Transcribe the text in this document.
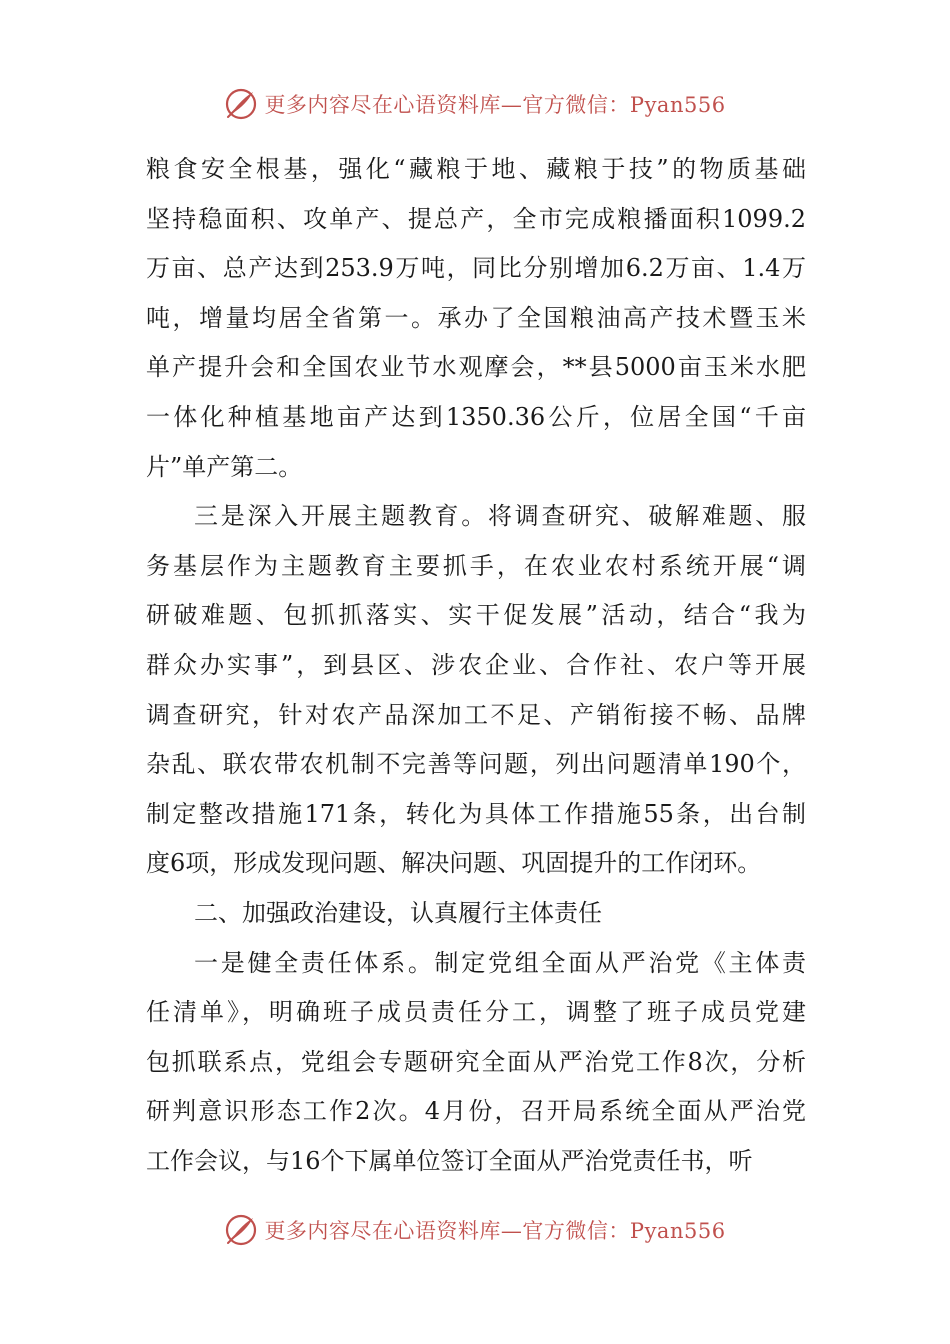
更多内容尽在心语资料库—官方微信：Pyan556
粮食安全根基，强化“藏粮于地、藏粮于技”的物质基础
坚持稳面积、攻单产、提总产，全市完成粮播面积1099.2
万亩、总产达到253.9万吨，同比分别增加6.2万亩、1.4万
吨，增量均居全省第一。承办了全国粮油高产技术暨玉米
单产提升会和全国农业节水观摩会，**县5000亩玉米水肥
一体化种植基地亩产达到1350.36公斤，位居全国“千亩
片”单产第二。
三是深入开展主题教育。将调查研究、破解难题、服
务基层作为主题教育主要抓手，在农业农村系统开展“调
研破难题、包抓抓落实、实干促发展”活动，结合“我为
群众办实事”，到县区、涉农企业、合作社、农户等开展
调查研究，针对农产品深加工不足、产销衔接不畅、品牌
杂乱、联农带农机制不完善等问题，列出问题清单190个，
制定整改措施171条，转化为具体工作措施55条，出台制
度6项，形成发现问题、解决问题、巩固提升的工作闭环。
二、加强政治建设，认真履行主体责任
一是健全责任体系。制定党组全面从严治党《主体责
任清单》，明确班子成员责任分工，调整了班子成员党建
包抓联系点，党组会专题研究全面从严治党工作8次，分析
研判意识形态工作2次。4月份，召开局系统全面从严治党
工作会议，与16个下属单位签订全面从严治党责任书，听
更多内容尽在心语资料库—官方微信：Pyan556
